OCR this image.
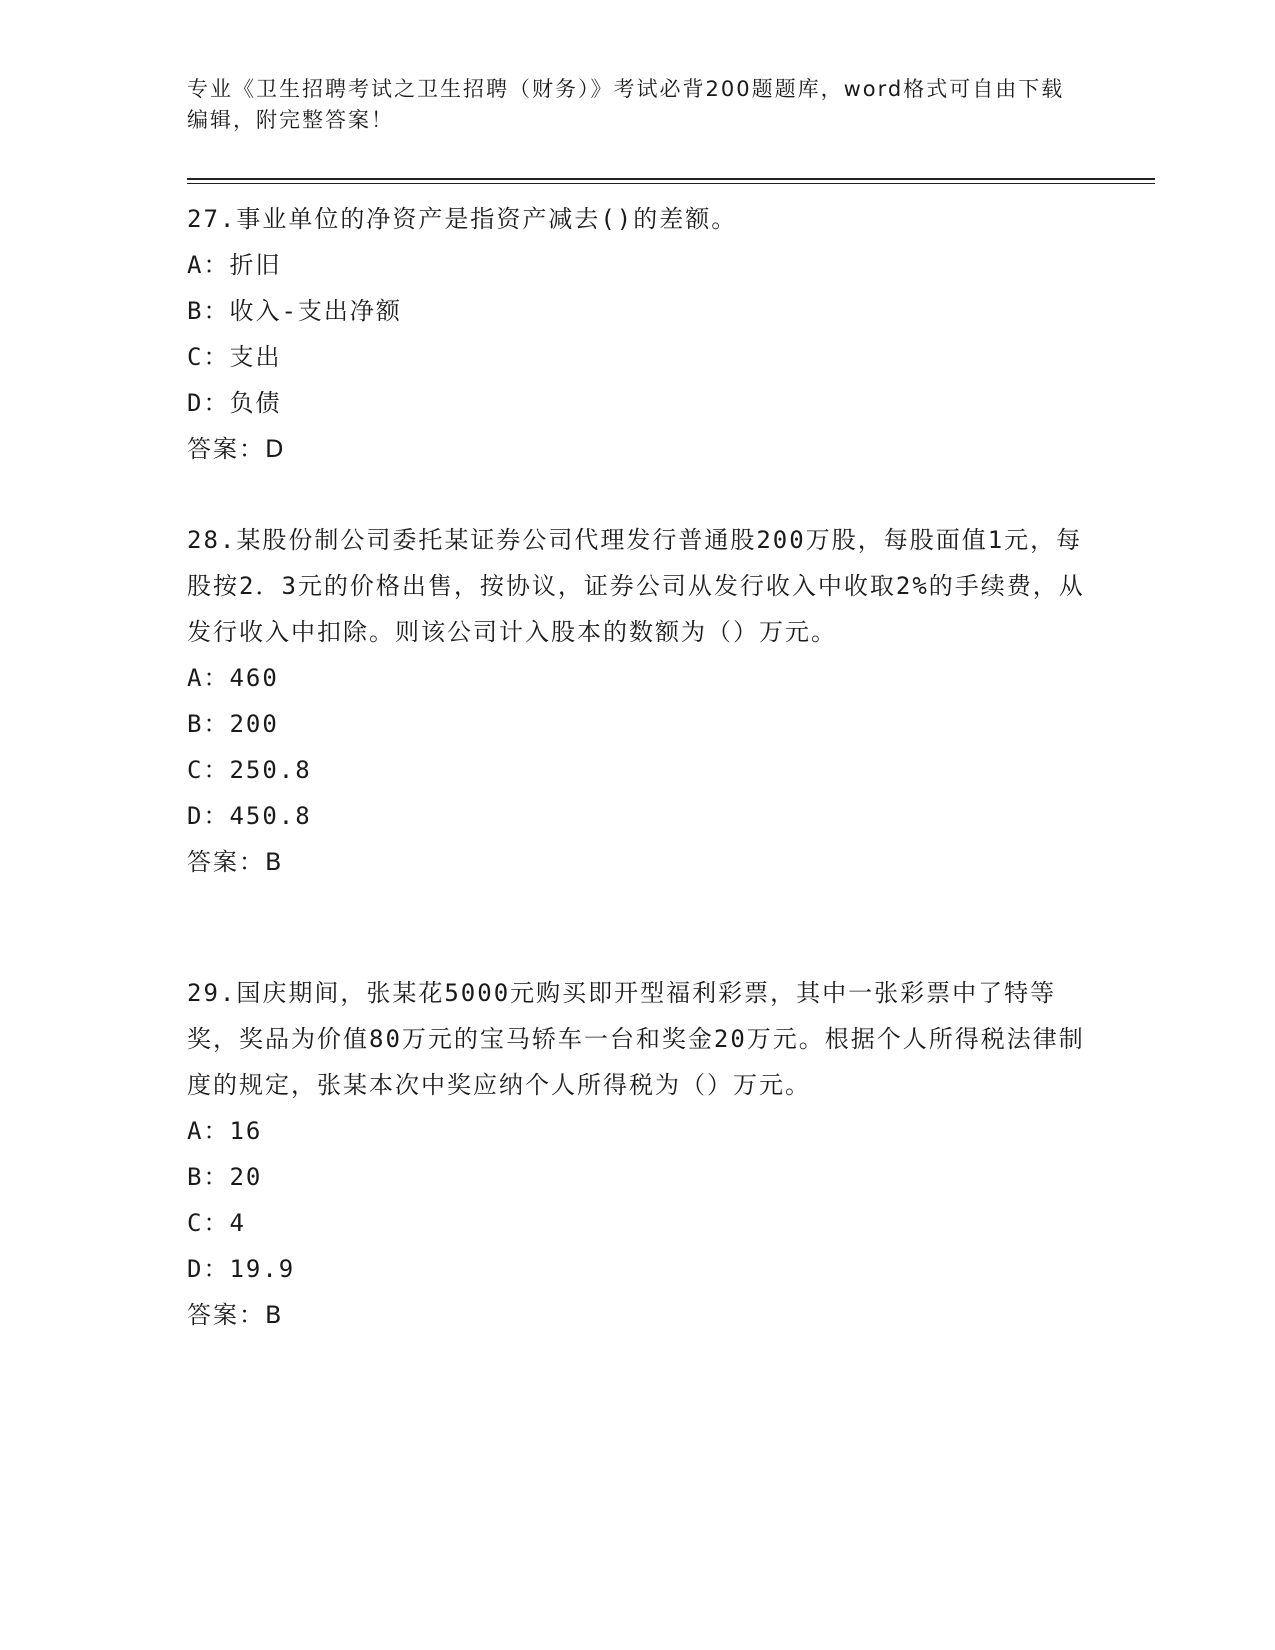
专业《卫生招聘考试之卫生招聘（财务）》考试必背200题题库，word格式可自由下载编辑，附完整答案！

27.事业单位的净资产是指资产减去()的差额。

A：折旧

B：收入-支出净额

C：支出

D：负债

答案：D

28.某股份制公司委托某证券公司代理发行普通股200万股，每股面值1元，每股按2．3元的价格出售，按协议，证券公司从发行收入中收取2%的手续费，从发行收入中扣除。则该公司计入股本的数额为（）万元。

A：460

B：200

C：250.8

D：450.8

答案：B

29.国庆期间，张某花5000元购买即开型福利彩票，其中一张彩票中了特等奖，奖品为价值80万元的宝马轿车一台和奖金20万元。根据个人所得税法律制度的规定，张某本次中奖应纳个人所得税为（）万元。

A：16

B：20

C：4

D：19.9

答案：B
